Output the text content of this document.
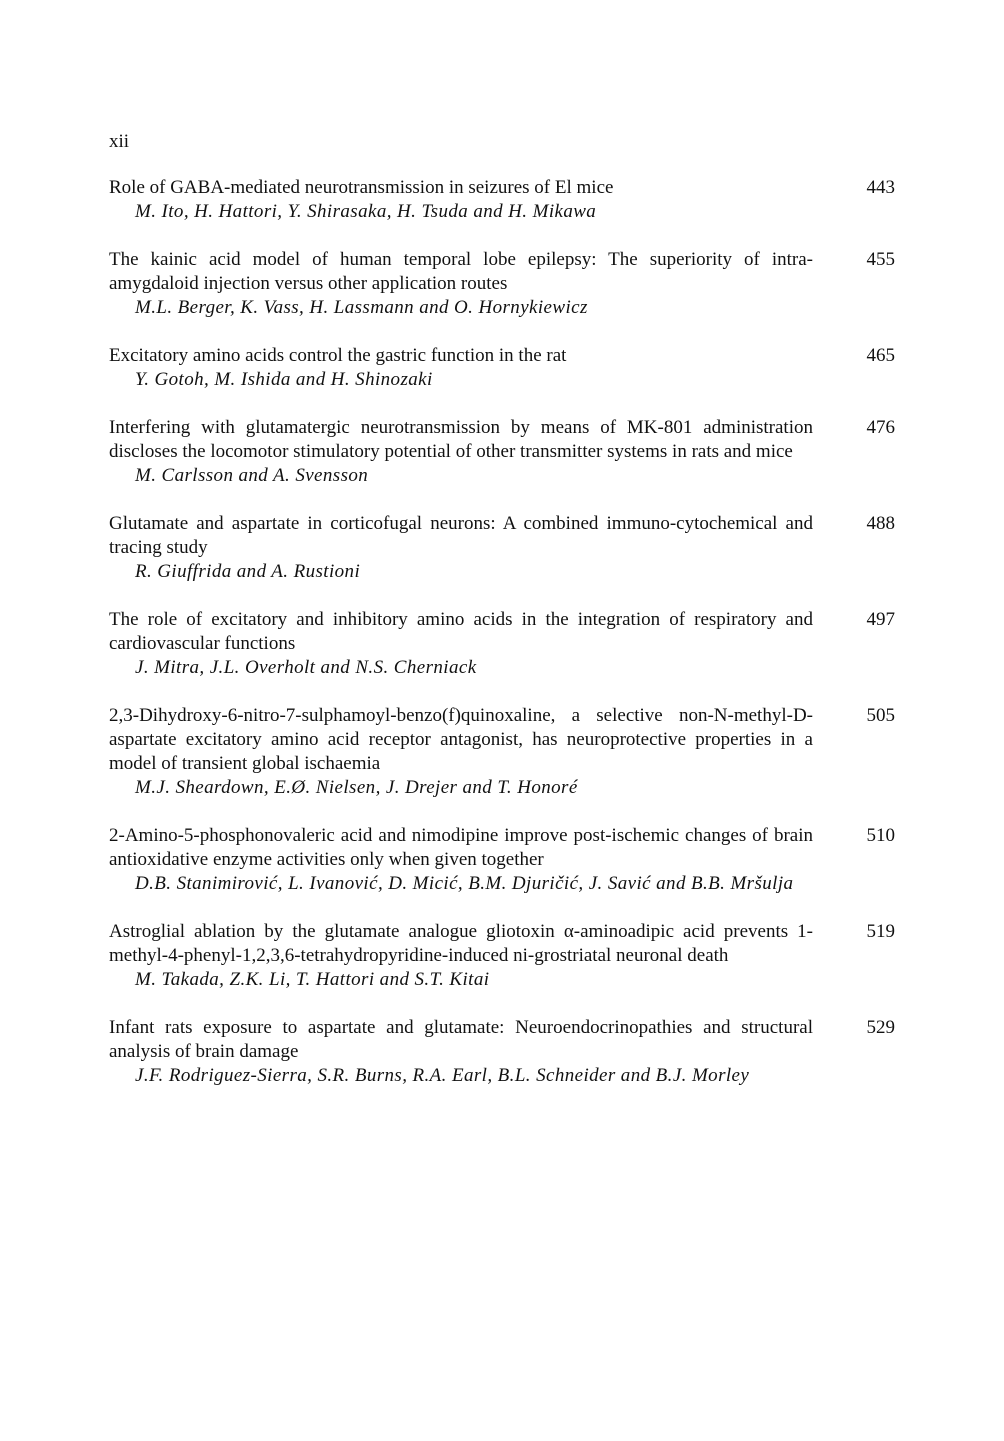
xii
Role of GABA-mediated neurotransmission in seizures of El mice
M. Ito, H. Hattori, Y. Shirasaka, H. Tsuda and H. Mikawa
443
The kainic acid model of human temporal lobe epilepsy: The superiority of intra-amygdaloid injection versus other application routes
M.L. Berger, K. Vass, H. Lassmann and O. Hornykiewicz
455
Excitatory amino acids control the gastric function in the rat
Y. Gotoh, M. Ishida and H. Shinozaki
465
Interfering with glutamatergic neurotransmission by means of MK-801 administration discloses the locomotor stimulatory potential of other transmitter systems in rats and mice
M. Carlsson and A. Svensson
476
Glutamate and aspartate in corticofugal neurons: A combined immuno-cytochemical and tracing study
R. Giuffrida and A. Rustioni
488
The role of excitatory and inhibitory amino acids in the integration of respiratory and cardiovascular functions
J. Mitra, J.L. Overholt and N.S. Cherniack
497
2,3-Dihydroxy-6-nitro-7-sulphamoyl-benzo(f)quinoxaline, a selective non-N-methyl-D-aspartate excitatory amino acid receptor antagonist, has neuroprotective properties in a model of transient global ischaemia
M.J. Sheardown, E.Ø. Nielsen, J. Drejer and T. Honoré
505
2-Amino-5-phosphonovaleric acid and nimodipine improve post-ischemic changes of brain antioxidative enzyme activities only when given together
D.B. Stanimirović, L. Ivanović, D. Micić, B.M. Djuričić, J. Savić and B.B. Mršulja
510
Astroglial ablation by the glutamate analogue gliotoxin α-aminoadipic acid prevents 1-methyl-4-phenyl-1,2,3,6-tetrahydropyridine-induced ni-grostriatal neuronal death
M. Takada, Z.K. Li, T. Hattori and S.T. Kitai
519
Infant rats exposure to aspartate and glutamate: Neuroendocrinopathies and structural analysis of brain damage
J.F. Rodriguez-Sierra, S.R. Burns, R.A. Earl, B.L. Schneider and B.J. Morley
529
